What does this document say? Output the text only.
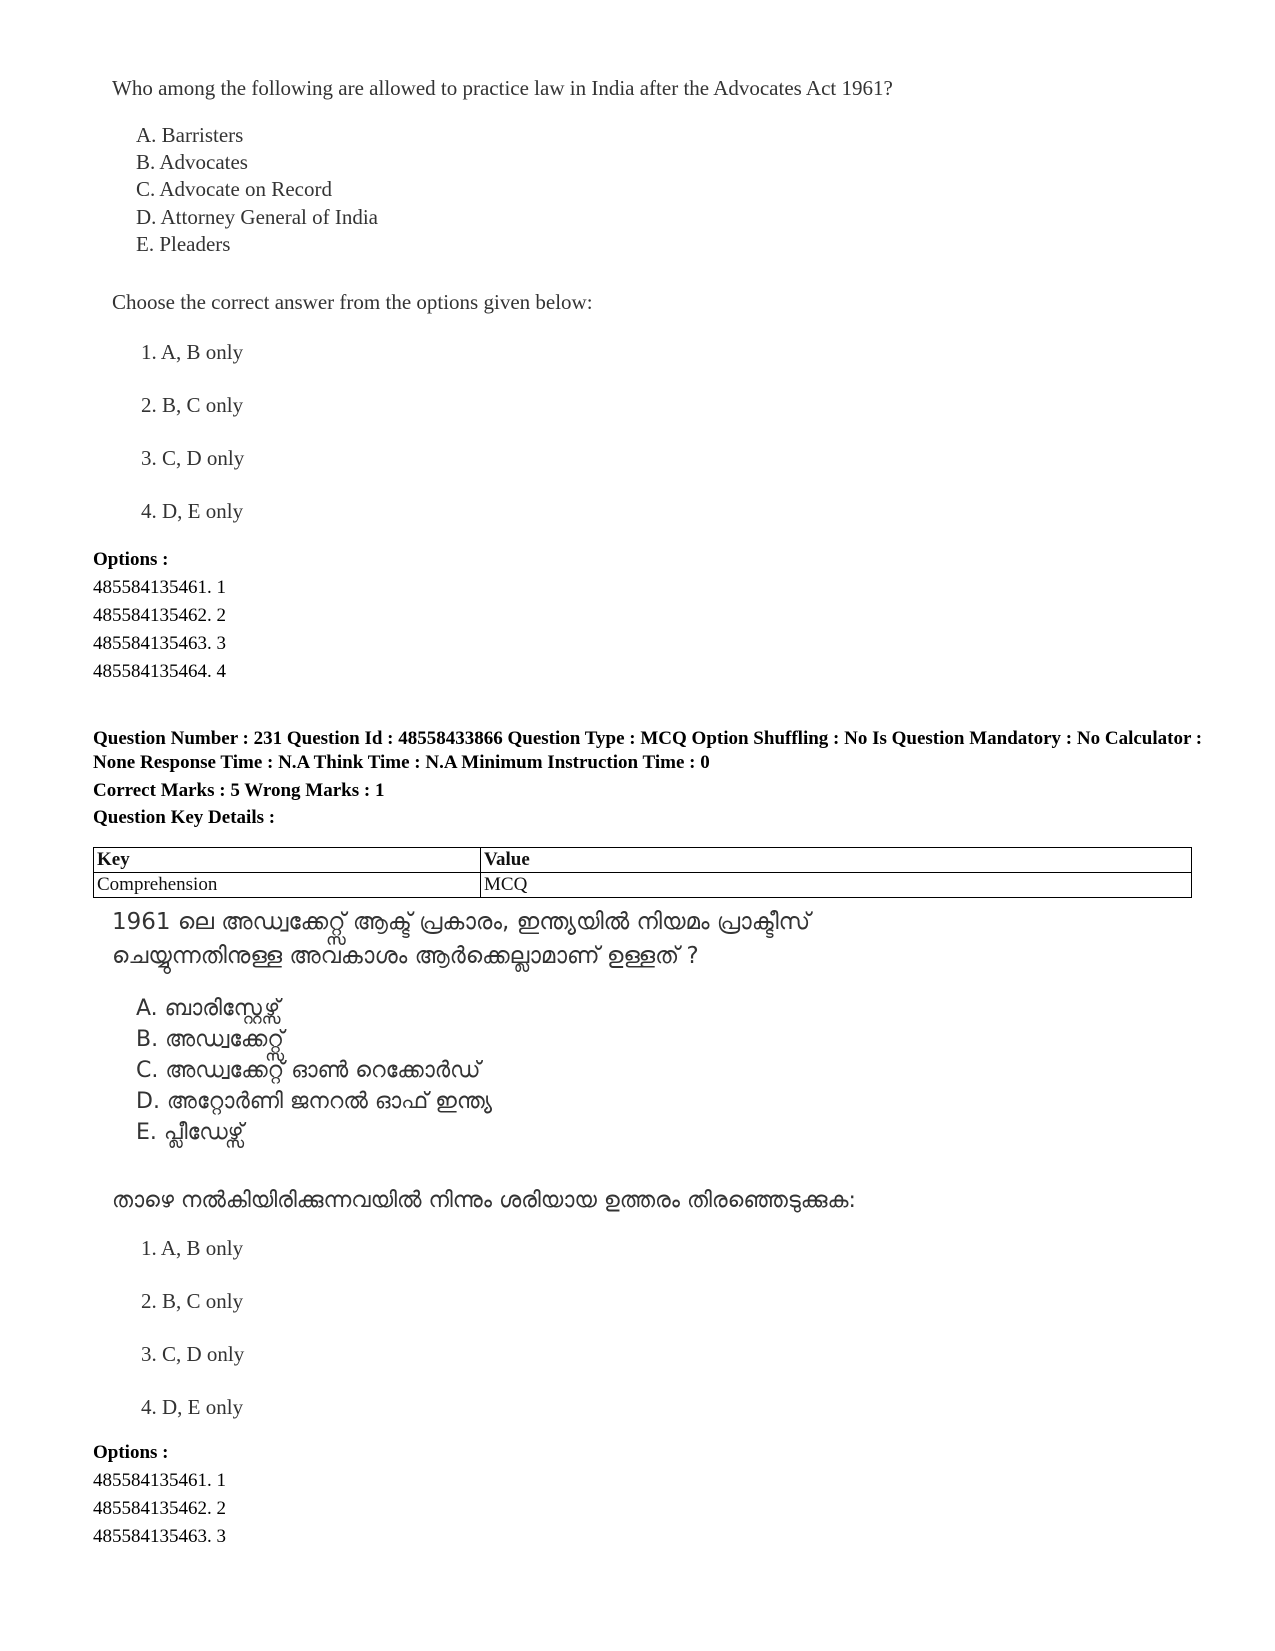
Who among the following are allowed to practice law in India after the Advocates Act 1961?
A. Barristers
B. Advocates
C. Advocate on Record
D. Attorney General of India
E. Pleaders
Choose the correct answer from the options given below:
1. A, B only
2. B, C only
3. C, D only
4. D, E only
Options :
485584135461. 1
485584135462. 2
485584135463. 3
485584135464. 4
Question Number : 231 Question Id : 48558433866 Question Type : MCQ Option Shuffling : No Is Question Mandatory : No Calculator : None Response Time : N.A Think Time : N.A Minimum Instruction Time : 0
Correct Marks : 5 Wrong Marks : 1
Question Key Details :
Key	Value
Comprehension	MCQ
1961 ലെ അഡ്വക്കേറ്റ്സ് ആക്ട് പ്രകാരം, ഇന്ത്യയിൽ നിയമം പ്രാക്ടീസ്
ചെയ്യുന്നതിനുള്ള അവകാശം ആർക്കെല്ലാമാണ് ഉള്ളത് ?
A. ബാരിസ്റ്റേഴ്സ്
B. അഡ്വക്കേറ്റ്സ്
C. അഡ്വക്കേറ്റ് ഓൺ റെക്കോർഡ്
D. അറ്റോർണി ജനറൽ ഓഫ് ഇന്ത്യ
E. പ്ലീഡേഴ്സ്
താഴെ നൽകിയിരിക്കുന്നവയിൽ നിന്നും ശരിയായ ഉത്തരം തിരഞ്ഞെടുക്കുക:
1. A, B only
2. B, C only
3. C, D only
4. D, E only
Options :
485584135461. 1
485584135462. 2
485584135463. 3
